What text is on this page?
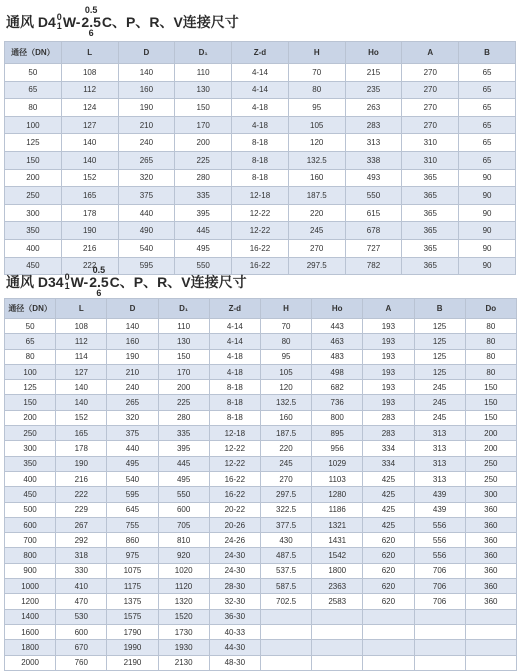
通风 D4 0
1 W-
0.5
2.5
6
C、P、R、V连接尺寸
通径（DN）	L	D	D₁	Z-d	H	Ho	A	B
50	108	140	110	4-14	70	215	270	65
65	112	160	130	4-14	80	235	270	65
80	124	190	150	4-18	95	263	270	65
100	127	210	170	4-18	105	283	270	65
125	140	240	200	8-18	120	313	310	65
150	140	265	225	8-18	132.5	338	310	65
200	152	320	280	8-18	160	493	365	90
250	165	375	335	12-18	187.5	550	365	90
300	178	440	395	12-22	220	615	365	90
350	190	490	445	12-22	245	678	365	90
400	216	540	495	16-22	270	727	365	90
450	222	595	550	16-22	297.5	782	365	90
通风 D34 0
1 W-
0.5
2.5
6
C、P、R、V连接尺寸
通径（DN）	L	D	D₁	Z-d	H	Ho	A	B	Do
50	108	140	110	4-14	70	443	193	125	80
65	112	160	130	4-14	80	463	193	125	80
80	114	190	150	4-18	95	483	193	125	80
100	127	210	170	4-18	105	498	193	125	80
125	140	240	200	8-18	120	682	193	245	150
150	140	265	225	8-18	132.5	736	193	245	150
200	152	320	280	8-18	160	800	283	245	150
250	165	375	335	12-18	187.5	895	283	313	200
300	178	440	395	12-22	220	956	334	313	200
350	190	495	445	12-22	245	1029	334	313	250
400	216	540	495	16-22	270	1103	425	313	250
450	222	595	550	16-22	297.5	1280	425	439	300
500	229	645	600	20-22	322.5	1186	425	439	360
600	267	755	705	20-26	377.5	1321	425	556	360
700	292	860	810	24-26	430	1431	620	556	360
800	318	975	920	24-30	487.5	1542	620	556	360
900	330	1075	1020	24-30	537.5	1800	620	706	360
1000	410	1175	1120	28-30	587.5	2363	620	706	360
1200	470	1375	1320	32-30	702.5	2583	620	706	360
1400	530	1575	1520	36-30					
1600	600	1790	1730	40-33					
1800	670	1990	1930	44-30					
2000	760	2190	2130	48-30					
